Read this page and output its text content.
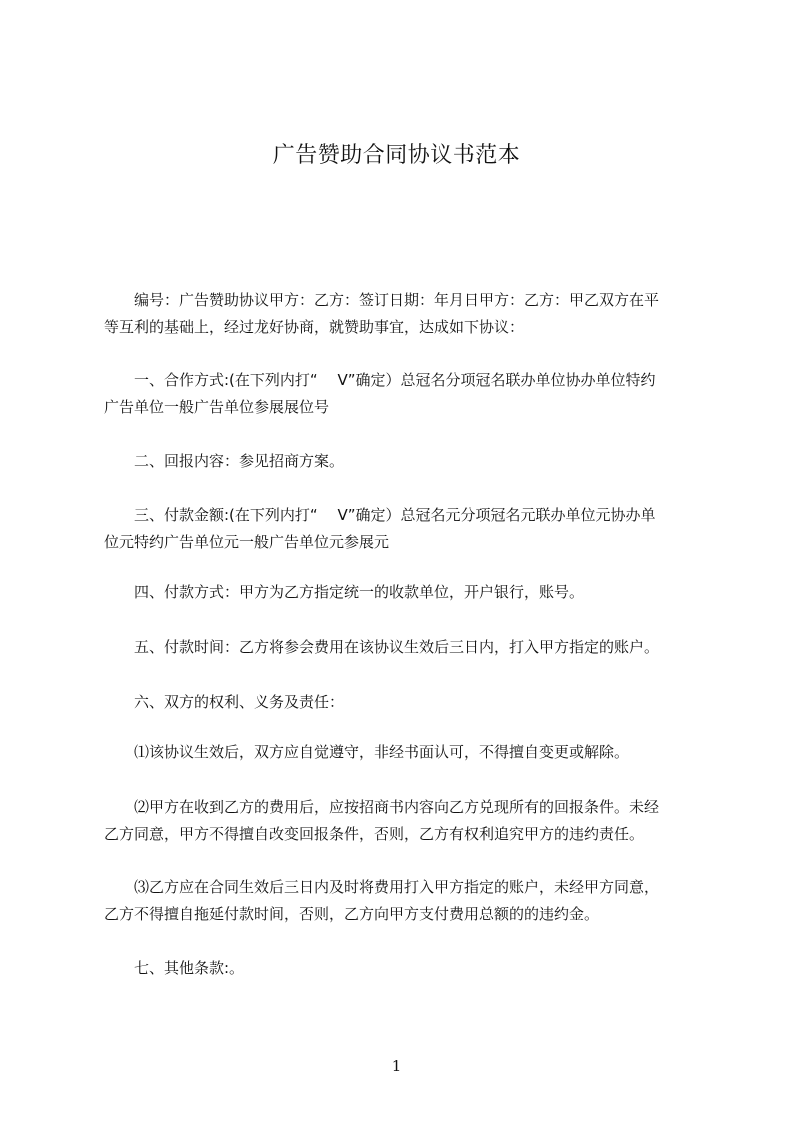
广告赞助合同协议书范本
　　编号：广告赞助协议甲方：乙方：签订日期：年月日甲方：乙方：甲乙双方在平
等互利的基础上，经过龙好协商，就赞助事宜，达成如下协议：
　　一、合作方式:(在下列内打“　 V”确定）总冠名分项冠名联办单位协办单位特约
广告单位一般广告单位参展展位号
　　二、回报内容：参见招商方案。
　　三、付款金额:(在下列内打“　 V”确定）总冠名元分项冠名元联办单位元协办单
位元特约广告单位元一般广告单位元参展元
　　四、付款方式：甲方为乙方指定统一的收款单位，开户银行，账号。
　　五、付款时间：乙方将参会费用在该协议生效后三日内，打入甲方指定的账户。
　　六、双方的权利、义务及责任：
　　⑴该协议生效后，双方应自觉遵守，非经书面认可，不得擅自变更或解除。
　　⑵甲方在收到乙方的费用后，应按招商书内容向乙方兑现所有的回报条件。未经
乙方同意，甲方不得擅自改变回报条件，否则，乙方有权利追究甲方的违约责任。
　　⑶乙方应在合同生效后三日内及时将费用打入甲方指定的账户，未经甲方同意，
乙方不得擅自拖延付款时间，否则，乙方向甲方支付费用总额的的违约金。
　　七、其他条款:。
1
